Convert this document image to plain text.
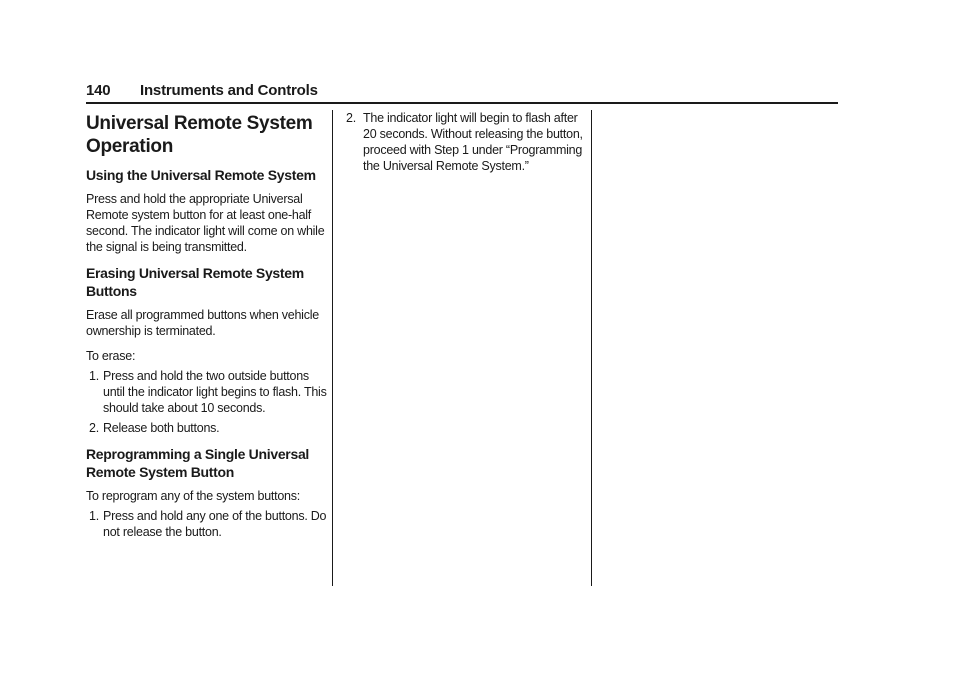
140 Instruments and Controls
Universal Remote System Operation
Using the Universal Remote System

Press and hold the appropriate Universal Remote system button for at least one-half second. The indicator light will come on while the signal is being transmitted.

Erasing Universal Remote System Buttons

Erase all programmed buttons when vehicle ownership is terminated.

To erase:

1. Press and hold the two outside buttons until the indicator light begins to flash. This should take about 10 seconds.
2. Release both buttons.
Reprogramming a Single Universal Remote System Button

To reprogram any of the system buttons:

1. Press and hold any one of the buttons. Do not release the button.
2. The indicator light will begin to flash after 20 seconds. Without releasing the button, proceed with Step 1 under “Programming the Universal Remote System.”
